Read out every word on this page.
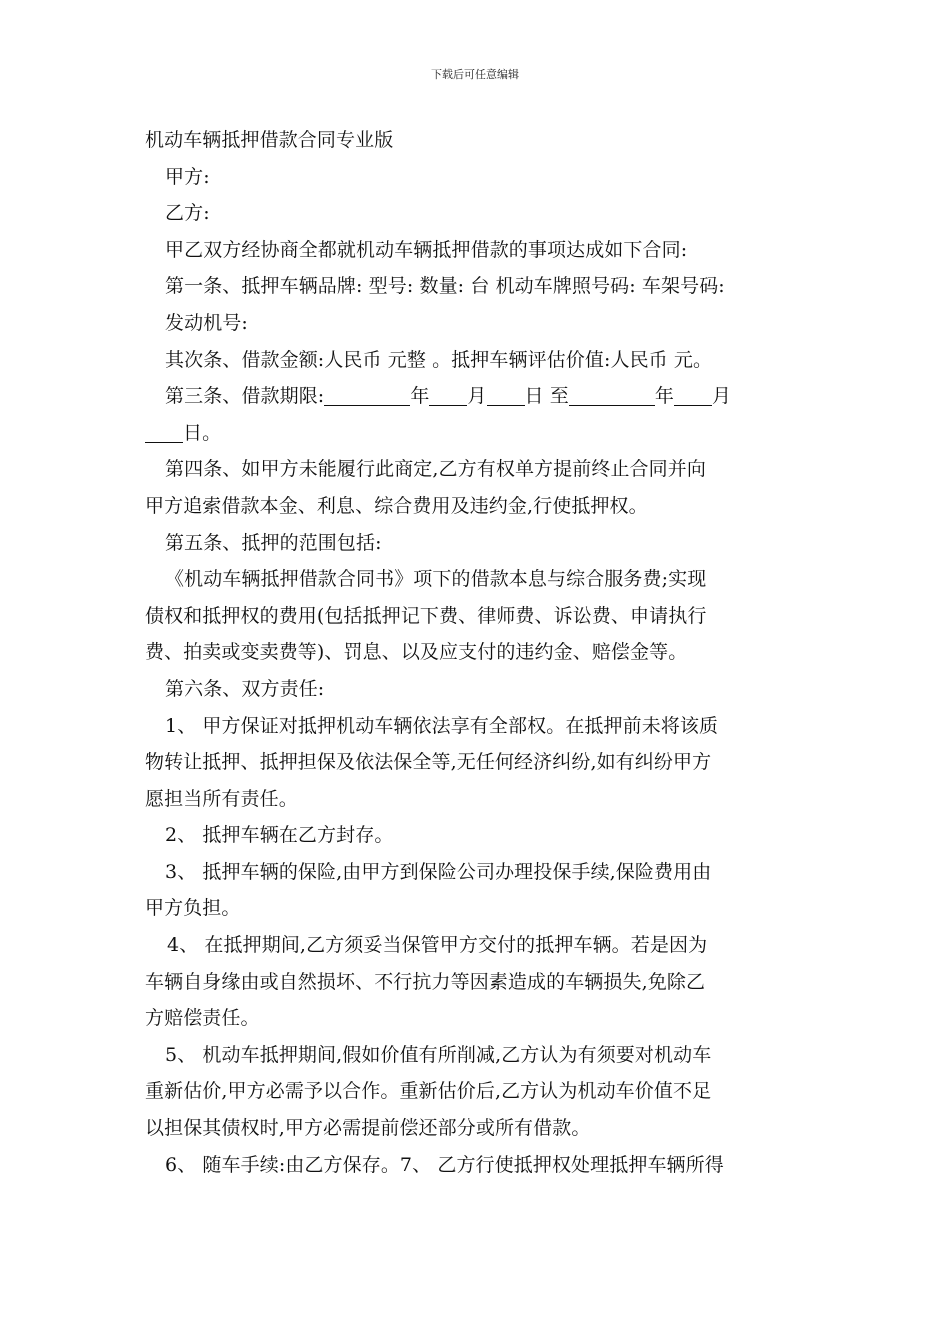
下载后可任意编辑
机动车辆抵押借款合同专业版
甲方:
乙方:
甲乙双方经协商全都就机动车辆抵押借款的事项达成如下合同:
第一条、抵押车辆品牌: 型号: 数量: 台 机动车牌照号码: 车架号码:
发动机号:
其次条、借款金额:人民币 元整 。抵押车辆评估价值:人民币 元。
第三条、借款期限:	年 月 日 至	年 月
日。
第四条、如甲方未能履行此商定,乙方有权单方提前终止合同并向
甲方追索借款本金、利息、综合费用及违约金,行使抵押权。
第五条、抵押的范围包括:
《机动车辆抵押借款合同书》项下的借款本息与综合服务费;实现
债权和抵押权的费用(包括抵押记下费、律师费、诉讼费、申请执行
费、拍卖或变卖费等)、罚息、以及应支付的违约金、赔偿金等。
第六条、双方责任:
1、 甲方保证对抵押机动车辆依法享有全部权。在抵押前未将该质
物转让抵押、抵押担保及依法保全等,无任何经济纠纷,如有纠纷甲方
愿担当所有责任。
2、 抵押车辆在乙方封存。
3、 抵押车辆的保险,由甲方到保险公司办理投保手续,保险费用由
甲方负担。
4、 在抵押期间,乙方须妥当保管甲方交付的抵押车辆。若是因为
车辆自身缘由或自然损坏、不行抗力等因素造成的车辆损失,免除乙
方赔偿责任。
5、 机动车抵押期间,假如价值有所削减,乙方认为有须要对机动车
重新估价,甲方必需予以合作。重新估价后,乙方认为机动车价值不足
以担保其债权时,甲方必需提前偿还部分或所有借款。
6、 随车手续:由乙方保存。7、 乙方行使抵押权处理抵押车辆所得
